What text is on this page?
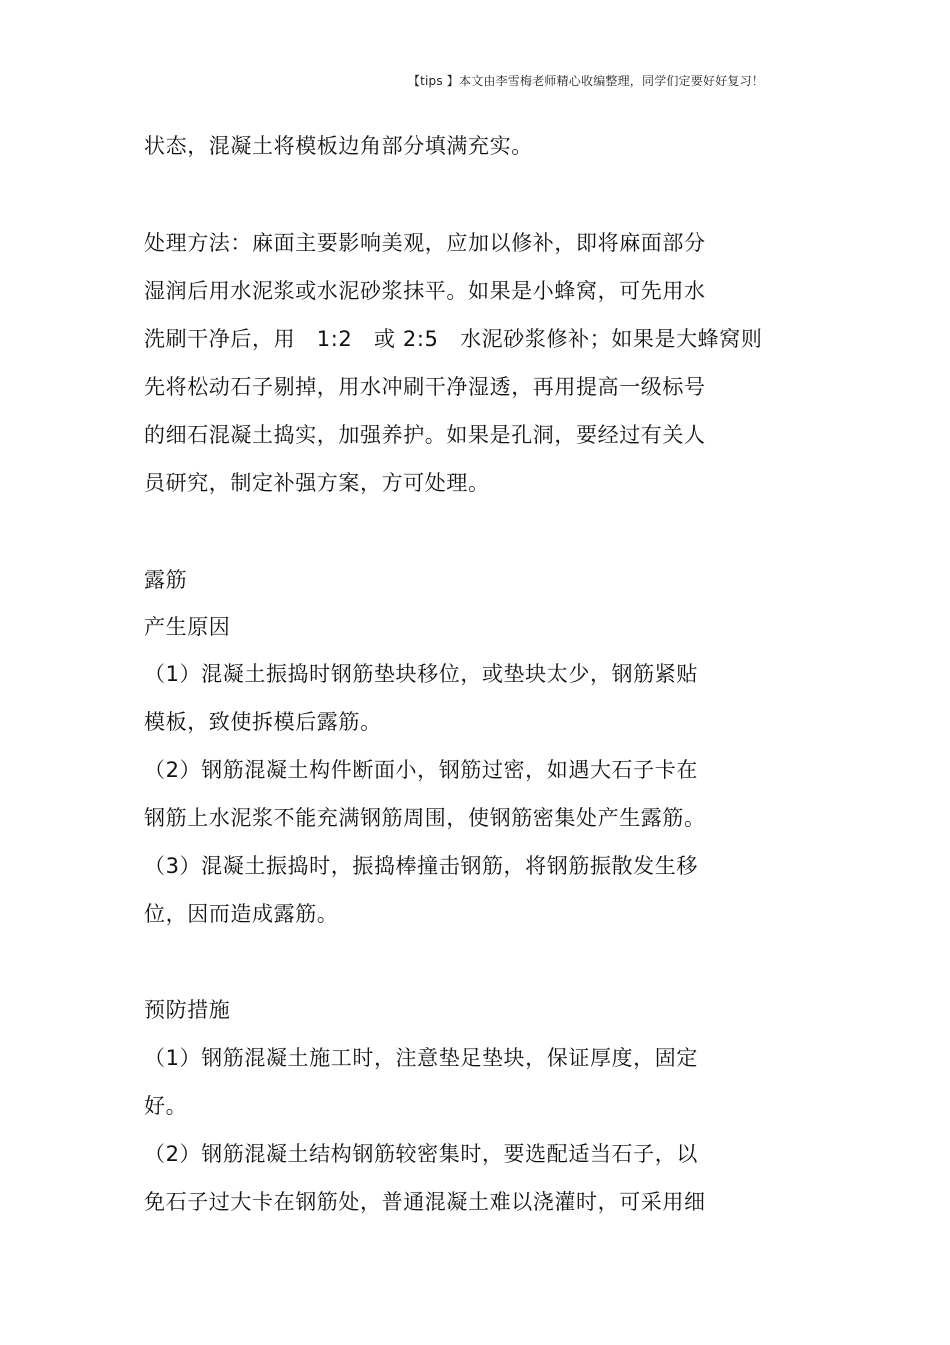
【tips 】本文由李雪梅老师精心收编整理，同学们定要好好复习！
状态，混凝土将模板边角部分填满充实。
处理方法：麻面主要影响美观，应加以修补，即将麻面部分
湿润后用水泥浆或水泥砂浆抹平。如果是小蜂窝，可先用水
洗刷干净后，用　1:2　或 2:5　水泥砂浆修补；如果是大蜂窝则
先将松动石子剔掉，用水冲刷干净湿透，再用提高一级标号
的细石混凝土捣实，加强养护。如果是孔洞，要经过有关人
员研究，制定补强方案，方可处理。
露筋
产生原因
（1）混凝土振捣时钢筋垫块移位，或垫块太少，钢筋紧贴
模板，致使拆模后露筋。
（2）钢筋混凝土构件断面小，钢筋过密，如遇大石子卡在
钢筋上水泥浆不能充满钢筋周围，使钢筋密集处产生露筋。
（3）混凝土振捣时，振捣棒撞击钢筋，将钢筋振散发生移
位，因而造成露筋。
预防措施
（1）钢筋混凝土施工时，注意垫足垫块，保证厚度，固定
好。
（2）钢筋混凝土结构钢筋较密集时，要选配适当石子，以
免石子过大卡在钢筋处，普通混凝土难以浇灌时，可采用细
